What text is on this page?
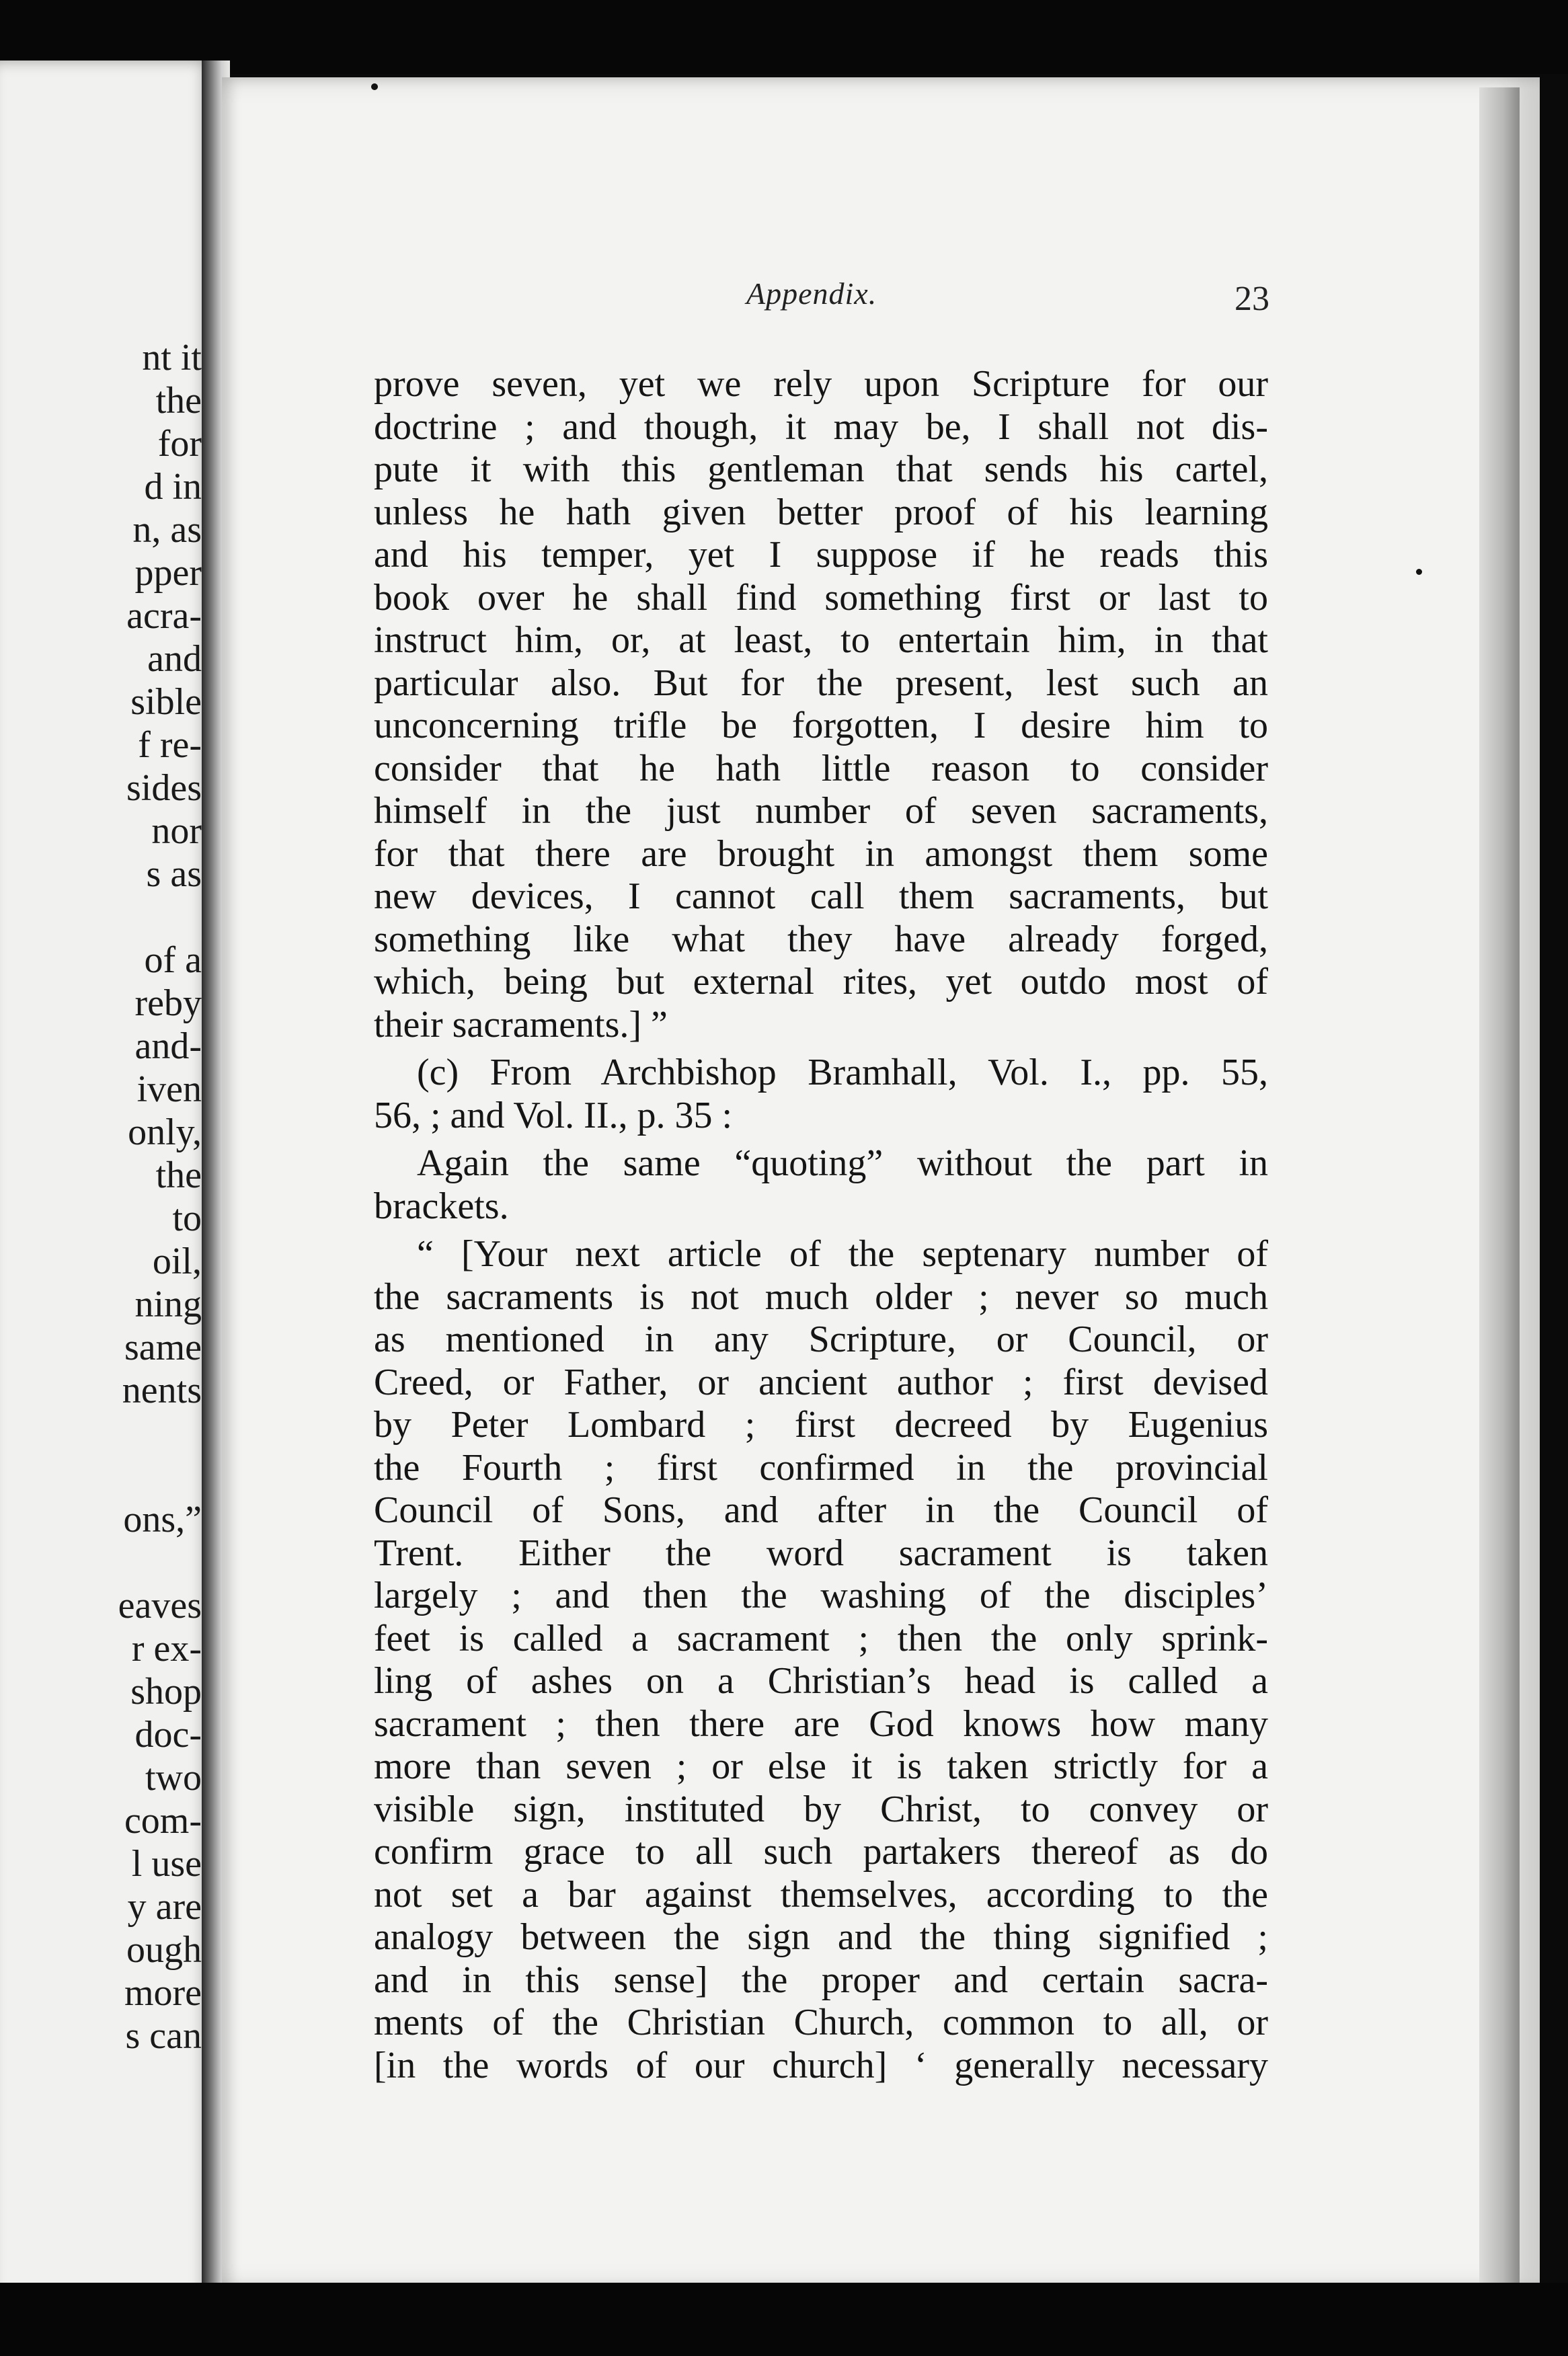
nt it
the
for
d in
n, as
pper
acra-
and
sible
f re-
sides
nor
s as
of a
reby
and-
iven
only,
the
to
oil,
ning
same
nents
ons,”
eaves
r ex-
shop
doc-
two
com-
l use
y are
ough
more
s can
Appendix.	23
prove seven, yet we rely upon Scripture for our
doctrine ; and though, it may be, I shall not dis-
pute it with this gentleman that sends his cartel,
unless he hath given better proof of his learning
and his temper, yet I suppose if he reads this
book over he shall find something first or last to
instruct him, or, at least, to entertain him, in that
particular also. But for the present, lest such an
unconcerning trifle be forgotten, I desire him to
consider that he hath little reason to consider
himself in the just number of seven sacraments,
for that there are brought in amongst them some
new devices, I cannot call them sacraments, but
something like what they have already forged,
which, being but external rites, yet outdo most of
their sacraments.] ”
(c) From Archbishop Bramhall, Vol. I., pp. 55,
56, ; and Vol. II., p. 35 :
Again the same “quoting” without the part in
brackets.
“ [Your next article of the septenary number of
the sacraments is not much older ; never so much
as mentioned in any Scripture, or Council, or
Creed, or Father, or ancient author ; first devised
by Peter Lombard ; first decreed by Eugenius
the Fourth ; first confirmed in the provincial
Council of Sons, and after in the Council of
Trent. Either the word sacrament is taken
largely ; and then the washing of the disciples’
feet is called a sacrament ; then the only sprink-
ling of ashes on a Christian’s head is called a
sacrament ; then there are God knows how many
more than seven ; or else it is taken strictly for a
visible sign, instituted by Christ, to convey or
confirm grace to all such partakers thereof as do
not set a bar against themselves, according to the
analogy between the sign and the thing signified ;
and in this sense] the proper and certain sacra-
ments of the Christian Church, common to all, or
[in the words of our church] ‘ generally necessary
